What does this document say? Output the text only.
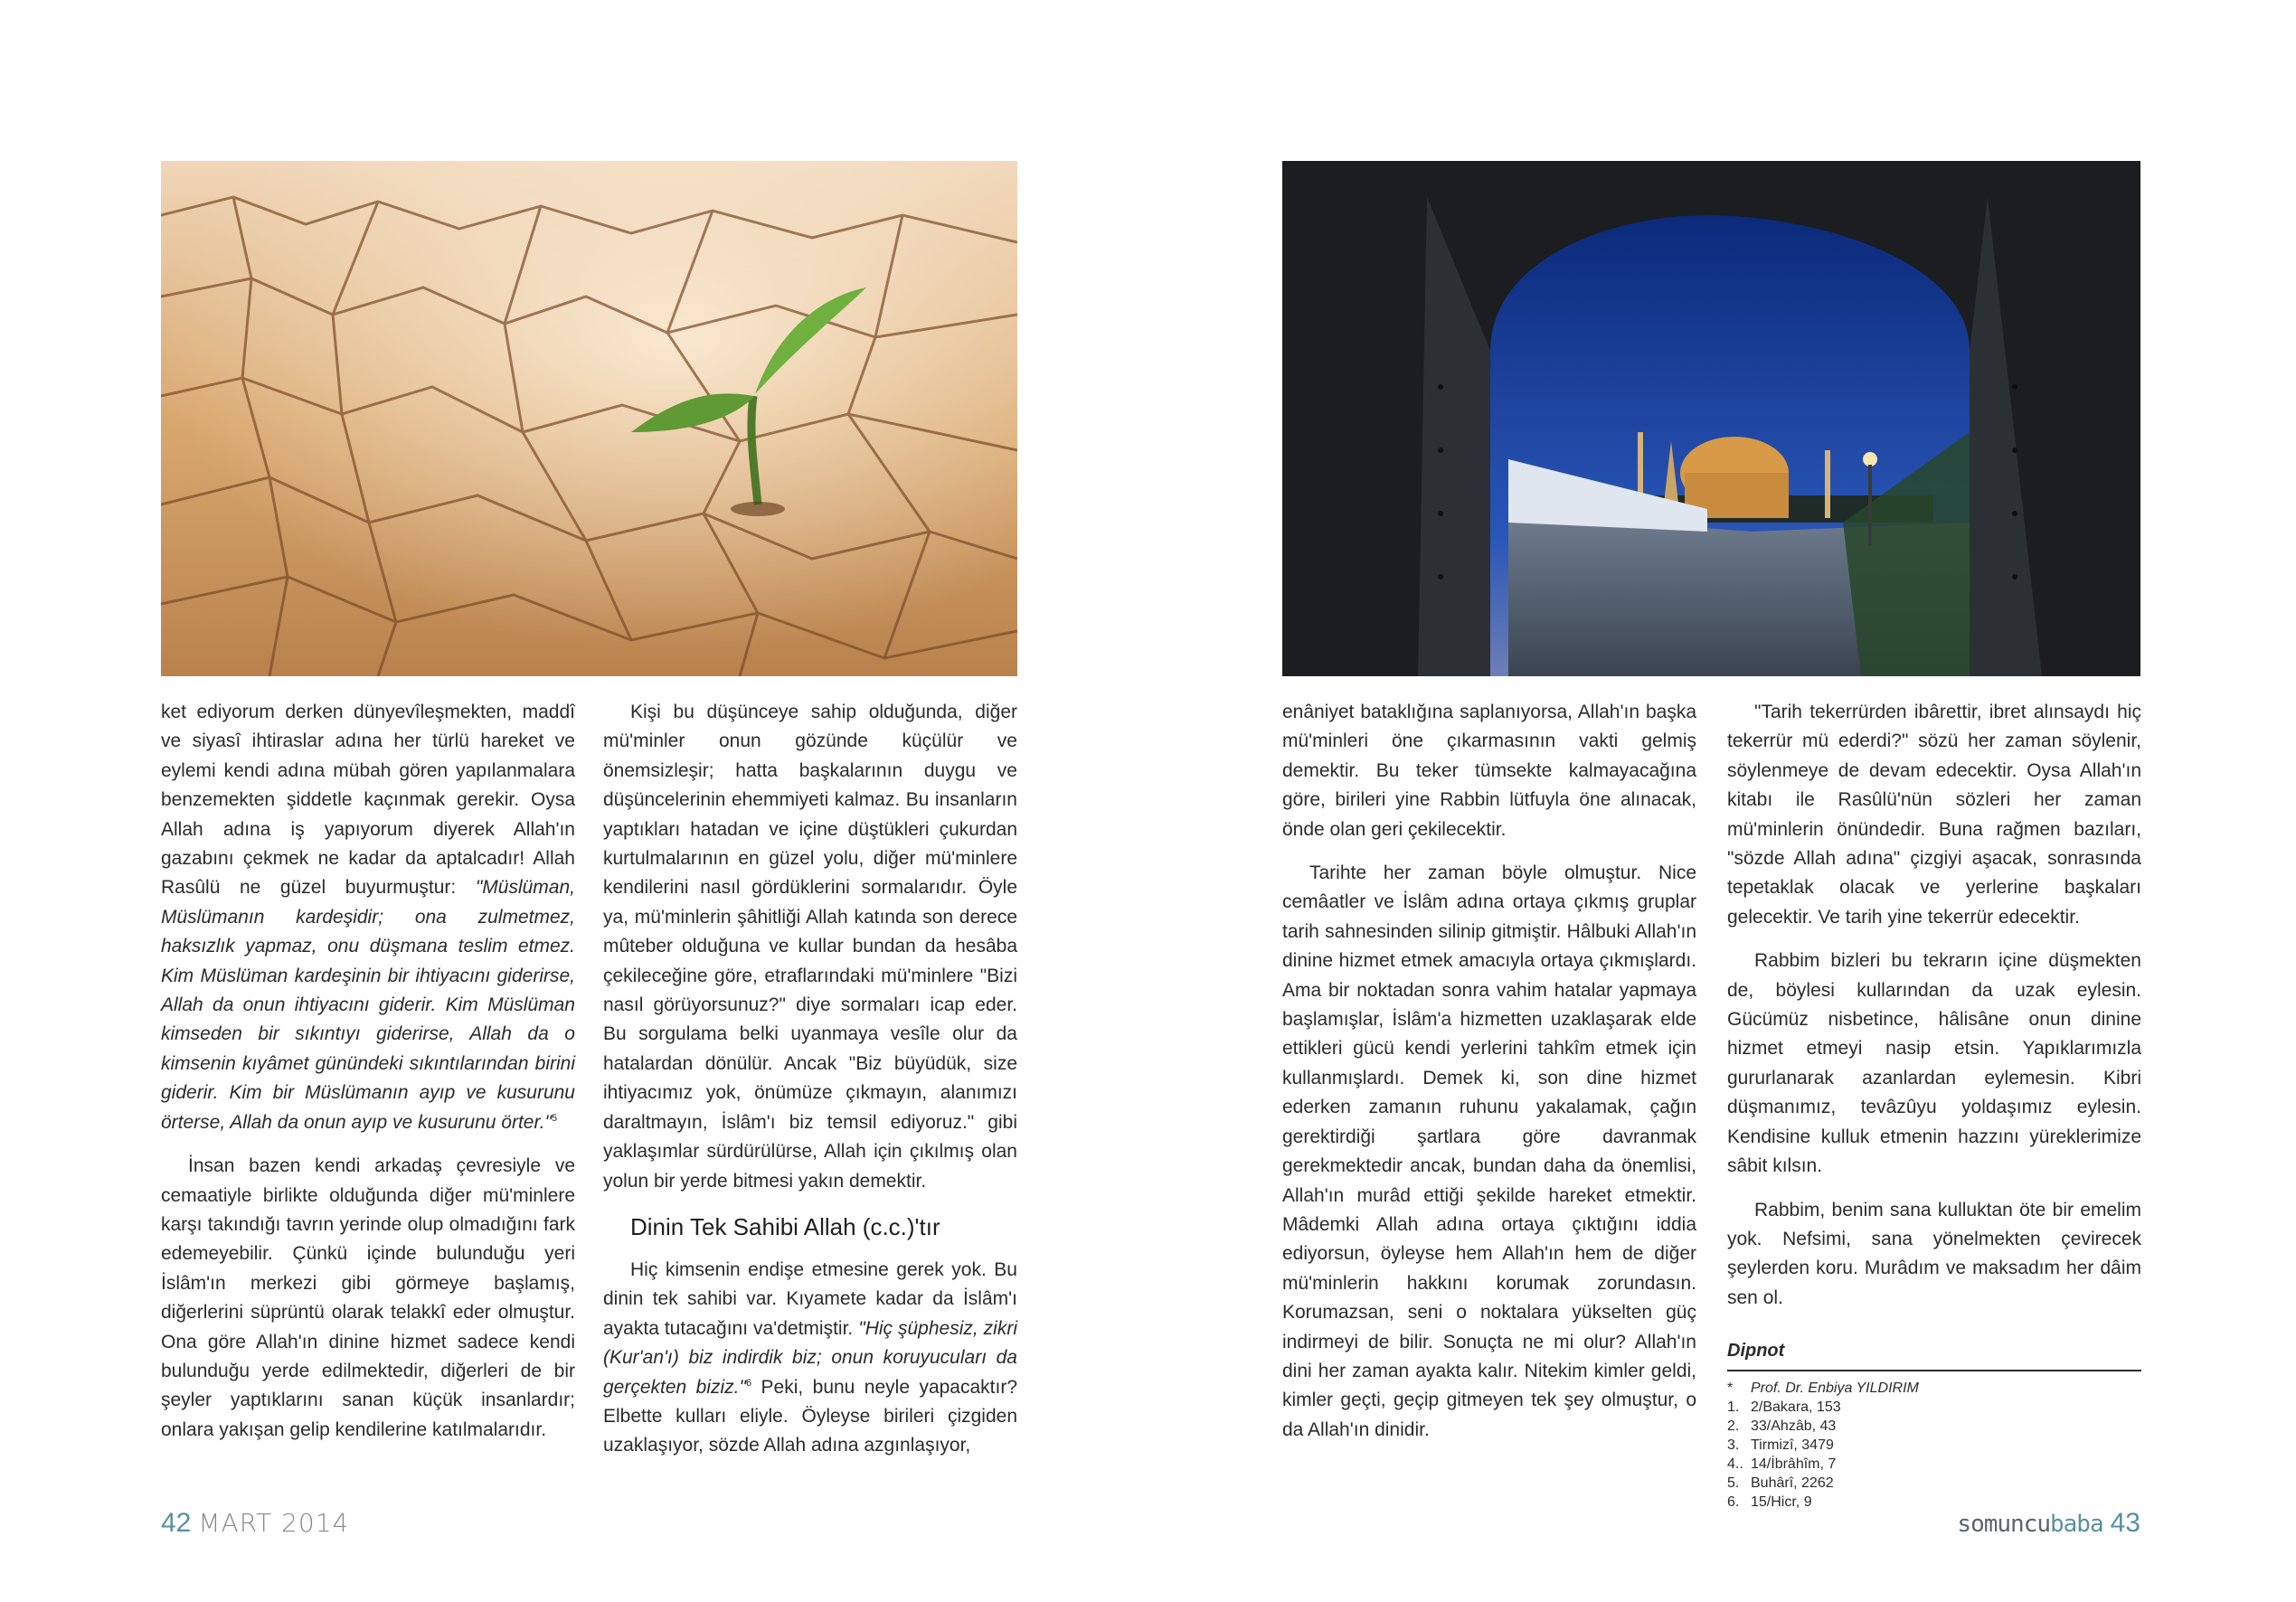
ket ediyorum derken dünyevîleşmekten, maddî ve siyasî ihtiraslar adına her türlü hareket ve eylemi kendi adına mübah gören yapılanmalara benzemekten şiddetle kaçınmak gerekir. Oysa Allah adına iş yapıyorum diyerek Allah'ın gazabını çekmek ne kadar da aptalcadır! Allah Rasûlü ne güzel buyurmuştur: "Müslüman, Müslümanın kardeşidir; ona zulmetmez, haksızlık yapmaz, onu düşmana teslim etmez. Kim Müslüman kardeşinin bir ihtiyacını giderirse, Allah da onun ihtiyacını giderir. Kim Müslüman kimseden bir sıkıntıyı giderirse, Allah da o kimsenin kıyâmet günündeki sıkıntılarından birini giderir. Kim bir Müslümanın ayıp ve kusurunu örterse, Allah da onun ayıp ve kusurunu örter."$^5$

İnsan bazen kendi arkadaş çevresiyle ve cemaatiyle birlikte olduğunda diğer mü'minlere karşı takındığı tavrın yerinde olup olmadığını fark edemeyebilir. Çünkü içinde bulunduğu yeri İslâm'ın merkezi gibi görmeye başlamış, diğerlerini süprüntü olarak telakkî eder olmuştur. Ona göre Allah'ın dinine hizmet sadece kendi bulunduğu yerde edilmektedir, diğerleri de bir şeyler yaptıklarını sanan küçük insanlardır; onlara yakışan gelip kendilerine katılmalarıdır.

Kişi bu düşünceye sahip olduğunda, diğer mü'minler onun gözünde küçülür ve önemsizleşir; hatta başkalarının duygu ve düşüncelerinin ehemmiyeti kalmaz. Bu insanların yaptıkları hatadan ve içine düştükleri çukurdan kurtulmalarının en güzel yolu, diğer mü'minlere kendilerini nasıl gördüklerini sormalarıdır. Öyle ya, mü'minlerin şâhitliği Allah katında son derece mûteber olduğuna ve kullar bundan da hesâba çekileceğine göre, etraflarındaki mü'minlere "Bizi nasıl görüyorsunuz?" diye sormaları icap eder. Bu sorgulama belki uyanmaya vesîle olur da hatalardan dönülür. Ancak "Biz büyüdük, size ihtiyacımız yok, önümüze çıkmayın, alanımızı daraltmayın, İslâm'ı biz temsil ediyoruz." gibi yaklaşımlar sürdürülürse, Allah için çıkılmış olan yolun bir yerde bitmesi yakın demektir.

Dinin Tek Sahibi Allah (c.c.)'tır

Hiç kimsenin endişe etmesine gerek yok. Bu dinin tek sahibi var. Kıyamete kadar da İslâm'ı ayakta tutacağını va'detmiştir. "Hiç şüphesiz, zikri (Kur'an'ı) biz indirdik biz; onun koruyucuları da gerçekten biziz."$^6$ Peki, bunu neyle yapacaktır? Elbette kulları eliyle. Öyleyse birileri çizgiden uzaklaşıyor, sözde Allah adına azgınlaşıyor,

enâniyet bataklığına saplanıyorsa, Allah'ın başka mü'minleri öne çıkarmasının vakti gelmiş demektir. Bu teker tümsekte kalmayacağına göre, birileri yine Rabbin lütfuyla öne alınacak, önde olan geri çekilecektir.

Tarihte her zaman böyle olmuştur. Nice cemâatler ve İslâm adına ortaya çıkmış gruplar tarih sahnesinden silinip gitmiştir. Hâlbuki Allah'ın dinine hizmet etmek amacıyla ortaya çıkmışlardı. Ama bir noktadan sonra vahim hatalar yapmaya başlamışlar, İslâm'a hizmetten uzaklaşarak elde ettikleri gücü kendi yerlerini tahkîm etmek için kullanmışlardı. Demek ki, son dine hizmet ederken zamanın ruhunu yakalamak, çağın gerektirdiği şartlara göre davranmak gerekmektedir ancak, bundan daha da önemlisi, Allah'ın murâd ettiği şekilde hareket etmektir. Mâdemki Allah adına ortaya çıktığını iddia ediyorsun, öyleyse hem Allah'ın hem de diğer mü'minlerin hakkını korumak zorundasın. Korumazsan, seni o noktalara yükselten güç indirmeyi de bilir. Sonuçta ne mi olur? Allah'ın dini her zaman ayakta kalır. Nitekim kimler geldi, kimler geçti, geçip gitmeyen tek şey olmuştur, o da Allah'ın dinidir.

"Tarih tekerrürden ibârettir, ibret alınsaydı hiç tekerrür mü ederdi?" sözü her zaman söylenir, söylenmeye de devam edecektir. Oysa Allah'ın kitabı ile Rasûlü'nün sözleri her zaman mü'minlerin önündedir. Buna rağmen bazıları, "sözde Allah adına" çizgiyi aşacak, sonrasında tepetaklak olacak ve yerlerine başkaları gelecektir. Ve tarih yine tekerrür edecektir.

Rabbim bizleri bu tekrarın içine düşmekten de, böylesi kullarından da uzak eylesin. Gücümüz nisbetince, hâlisâne onun dinine hizmet etmeyi nasip etsin. Yapıklarımızla gururlanarak azanlardan eylemesin. Kibri düşmanımız, tevâzûyu yoldaşımız eylesin. Kendisine kulluk etmenin hazzını yüreklerimize sâbit kılsın.

Rabbim, benim sana kulluktan öte bir emelim yok. Nefsimi, sana yönelmekten çevirecek şeylerden koru. Murâdım ve maksadım her dâim sen ol.

Dipnot

*	Prof. Dr. Enbiya YILDIRIM
1. 2/Bakara, 153
2. 33/Ahzâb, 43
3. Tirmizî, 3479
4.. 14/İbrâhîm, 7
5. Buhârî, 2262
6. 15/Hicr, 9
42 MART 2014	somuncubaba 43
